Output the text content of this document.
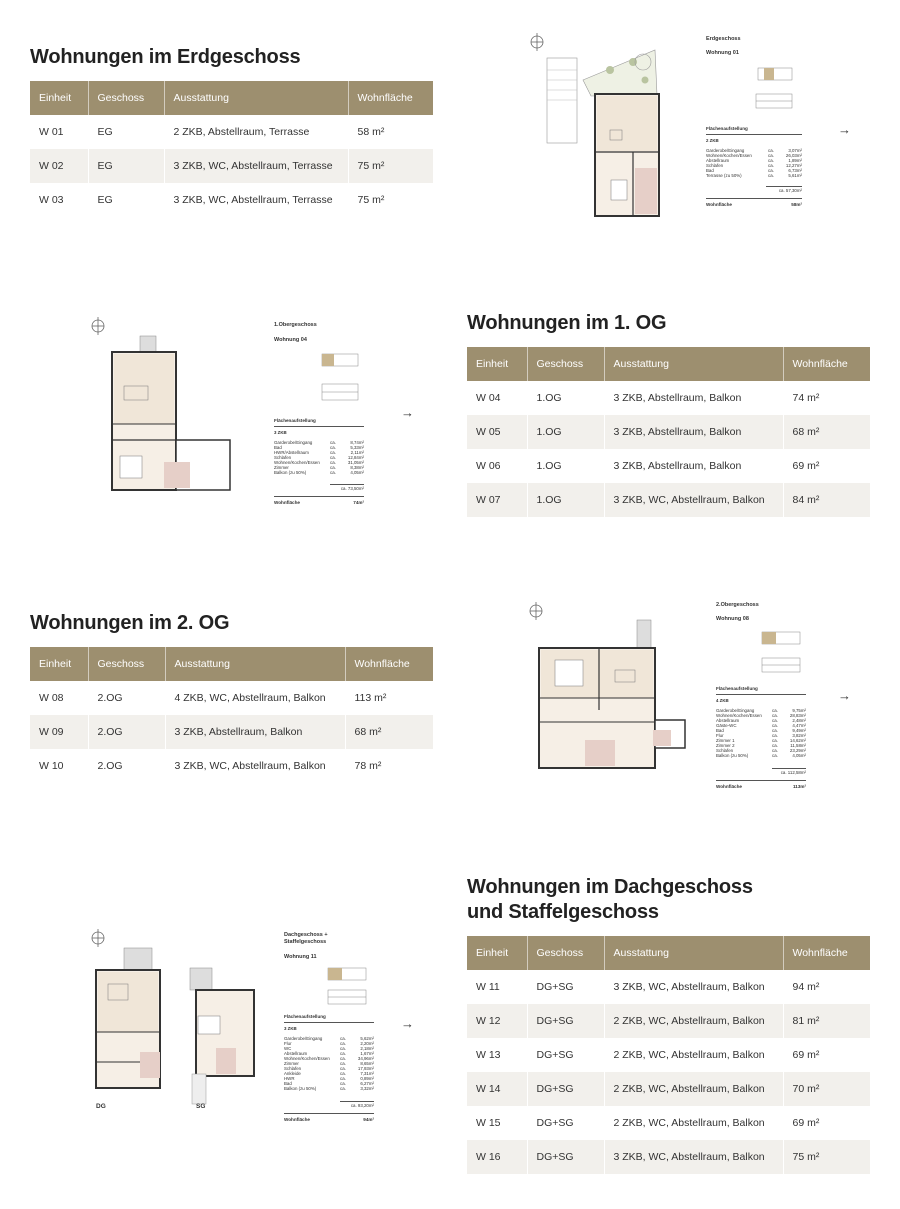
Wohnungen im Erdgeschoss
Einheit	Geschoss	Ausstattung	Wohnfläche
W 01	EG	2 ZKB, Abstellraum, Terrasse	58 m²
W 02	EG	3 ZKB, WC, Abstellraum, Terrasse	75 m²
W 03	EG	3 ZKB, WC, Abstellraum, Terrasse	75 m²
Erdgeschoss
Wohnung 01
Flächenaufstellung
2 ZKB
Garderobe/Eingang	ca.	3,07m²
Wohnen/Kochen/Essen	ca.	26,03m²
Abstellraum	ca.	1,89m²
Schlafen	ca.	12,27m²
Bad	ca.	6,73m²
Terrasse (zu 50%)	ca.	5,61m²
ca. 57,30m²
Wohnfläche	58m²
→
1.Obergeschoss
Wohnung 04
Flächenaufstellung
3 ZKB
Garderobe/Eingang	ca.	8,74m²
Bad	ca.	5,33m²
HWR/Abstellraum	ca.	2,11m²
Schlafen	ca.	12,84m²
Wohnen/Kochen/Essen	ca.	31,05m²
Zimmer	ca.	8,38m²
Balkon (zu 50%)	ca.	4,05m²
ca. 73,50m²
Wohnfläche	74m²
→
Wohnungen im 1. OG
Einheit	Geschoss	Ausstattung	Wohnfläche
W 04	1.OG	3 ZKB, Abstellraum, Balkon	74 m²
W 05	1.OG	3 ZKB, Abstellraum, Balkon	68 m²
W 06	1.OG	3 ZKB, Abstellraum, Balkon	69 m²
W 07	1.OG	3 ZKB, WC, Abstellraum, Balkon	84 m²
Wohnungen im 2. OG
Einheit	Geschoss	Ausstattung	Wohnfläche
W 08	2.OG	4 ZKB, WC, Abstellraum, Balkon	113 m²
W 09	2.OG	3 ZKB, Abstellraum, Balkon	68 m²
W 10	2.OG	3 ZKB, WC, Abstellraum, Balkon	78 m²
2.Obergeschoss
Wohnung 08
Flächenaufstellung
4 ZKB
Garderobe/Eingang	ca.	9,75m²
Wohnen/Kochen/Essen	ca.	28,83m²
Abstellraum	ca.	2,48m²
Gäste-WC	ca.	4,47m²
Bad	ca.	9,49m²
Flur	ca.	3,82m²
Zimmer 1	ca.	14,62m²
Zimmer 2	ca.	11,58m²
Schlafen	ca.	23,29m²
Balkon (zu 50%)	ca.	4,05m²
ca. 112,58m²
Wohnfläche	113m²
→
DG	SG
Dachgeschoss +
Staffelgeschoss
Wohnung 11
Flächenaufstellung
3 ZKB
Garderobe/Eingang	ca.	5,62m²
Flur	ca.	2,20m²
WC	ca.	2,18m²
Abstellraum	ca.	1,67m²
Wohnen/Kochen/Essen	ca.	34,96m²
Zimmer	ca.	8,65m²
Schlafen	ca.	17,93m²
Ankleide	ca.	7,31m²
HWR	ca.	0,89m²
Bad	ca.	6,27m²
Balkon (zu 50%)	ca.	3,32m²
ca. 93,20m²
Wohnfläche	94m²
→
Wohnungen im Dachgeschoss
und Staffelgeschoss
Einheit	Geschoss	Ausstattung	Wohnfläche
W 11	DG+SG	3 ZKB, WC, Abstellraum, Balkon	94 m²
W 12	DG+SG	2 ZKB, WC, Abstellraum, Balkon	81 m²
W 13	DG+SG	2 ZKB, WC, Abstellraum, Balkon	69 m²
W 14	DG+SG	2 ZKB, WC, Abstellraum, Balkon	70 m²
W 15	DG+SG	2 ZKB, WC, Abstellraum, Balkon	69 m²
W 16	DG+SG	3 ZKB, WC, Abstellraum, Balkon	75 m²
